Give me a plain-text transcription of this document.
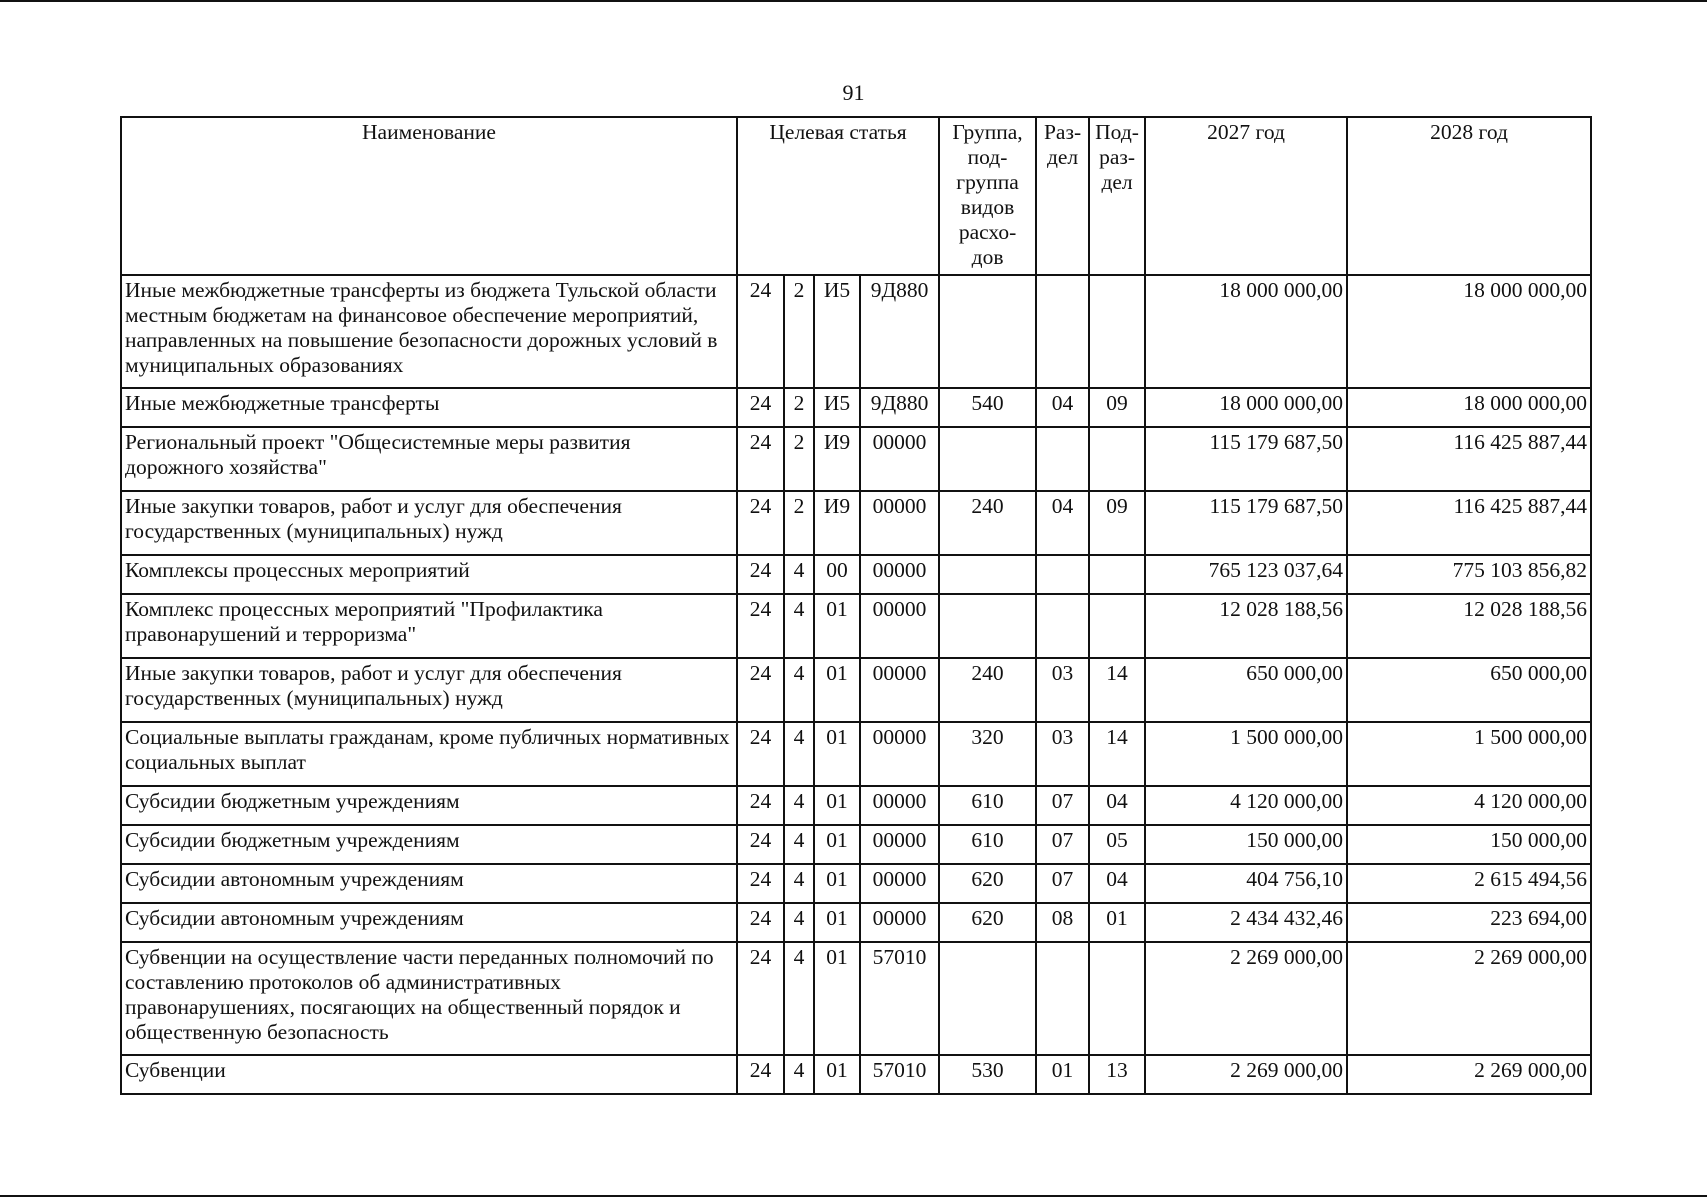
91
Наименование	Целевая статья				Группа, под-группа видов расхо-дов	Раз-дел	Под-раз-дел	2027 год	2028 год
Иные межбюджетные трансферты из бюджета Тульской области местным бюджетам на финансовое обеспечение мероприятий, направленных на повышение безопасности дорожных условий в муниципальных образованиях	24	2	И5	9Д880				18 000 000,00	18 000 000,00
Иные межбюджетные трансферты	24	2	И5	9Д880	540	04	09	18 000 000,00	18 000 000,00
Региональный проект "Общесистемные меры развития дорожного хозяйства"	24	2	И9	00000				115 179 687,50	116 425 887,44
Иные закупки товаров, работ и услуг для обеспечения государственных (муниципальных) нужд	24	2	И9	00000	240	04	09	115 179 687,50	116 425 887,44
Комплексы процессных мероприятий	24	4	00	00000				765 123 037,64	775 103 856,82
Комплекс процессных мероприятий "Профилактика правонарушений и терроризма"	24	4	01	00000				12 028 188,56	12 028 188,56
Иные закупки товаров, работ и услуг для обеспечения государственных (муниципальных) нужд	24	4	01	00000	240	03	14	650 000,00	650 000,00
Социальные выплаты гражданам, кроме публичных нормативных социальных выплат	24	4	01	00000	320	03	14	1 500 000,00	1 500 000,00
Субсидии бюджетным учреждениям	24	4	01	00000	610	07	04	4 120 000,00	4 120 000,00
Субсидии бюджетным учреждениям	24	4	01	00000	610	07	05	150 000,00	150 000,00
Субсидии автономным учреждениям	24	4	01	00000	620	07	04	404 756,10	2 615 494,56
Субсидии автономным учреждениям	24	4	01	00000	620	08	01	2 434 432,46	223 694,00
Субвенции на осуществление части переданных полномочий по составлению протоколов об административных правонарушениях, посягающих на общественный порядок и общественную безопасность	24	4	01	57010				2 269 000,00	2 269 000,00
Субвенции	24	4	01	57010	530	01	13	2 269 000,00	2 269 000,00
